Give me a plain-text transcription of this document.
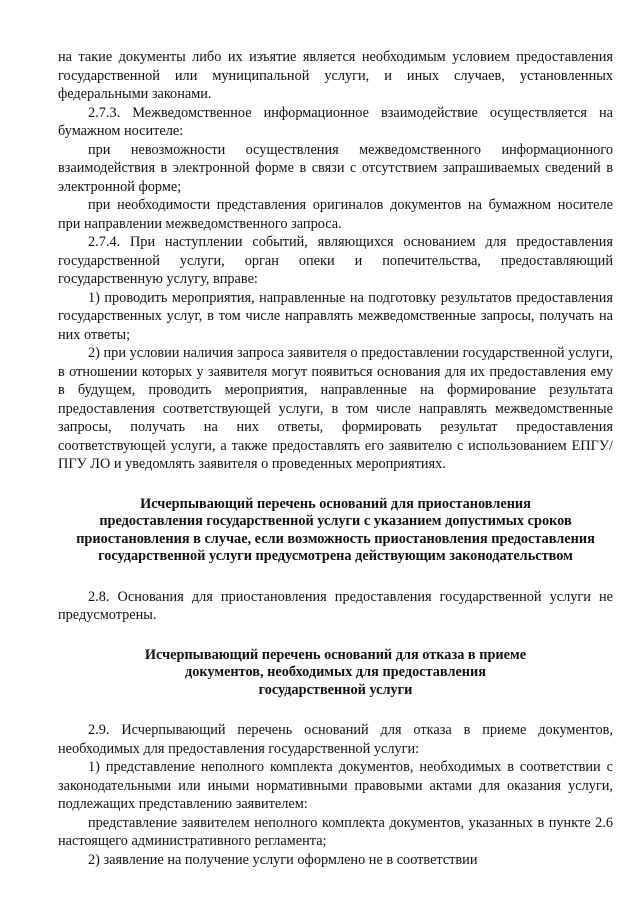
на такие документы либо их изъятие является необходимым условием предоставления государственной или муниципальной услуги, и иных случаев, установленных федеральными законами.

2.7.3. Межведомственное информационное взаимодействие осуществляется на бумажном носителе:

при невозможности осуществления межведомственного информационного взаимодействия в электронной форме в связи с отсутствием запрашиваемых сведений в электронной форме;

при необходимости представления оригиналов документов на бумажном носителе при направлении межведомственного запроса.

2.7.4. При наступлении событий, являющихся основанием для предоставления государственной услуги, орган опеки и попечительства, предоставляющий государственную услугу, вправе:

1) проводить мероприятия, направленные на подготовку результатов предоставления государственных услуг, в том числе направлять межведомственные запросы, получать на них ответы;

2) при условии наличия запроса заявителя о предоставлении государственной услуги, в отношении которых у заявителя могут появиться основания для их предоставления ему в будущем, проводить мероприятия, направленные на формирование результата предоставления соответствующей услуги, в том числе направлять межведомственные запросы, получать на них ответы, формировать результат предоставления соответствующей услуги, а также предоставлять его заявителю с использованием ЕПГУ/ПГУ ЛО и уведомлять заявителя о проведенных мероприятиях.

Исчерпывающий перечень оснований для приостановления
предоставления государственной услуги с указанием допустимых сроков
приостановления в случае, если возможность приостановления предоставления
государственной услуги предусмотрена действующим законодательством

2.8. Основания для приостановления предоставления государственной услуги не предусмотрены.

Исчерпывающий перечень оснований для отказа в приеме
документов, необходимых для предоставления
государственной услуги

2.9. Исчерпывающий перечень оснований для отказа в приеме документов, необходимых для предоставления государственной услуги:

1) представление неполного комплекта документов, необходимых в соответствии с законодательными или иными нормативными правовыми актами для оказания услуги, подлежащих представлению заявителем:

представление заявителем неполного комплекта документов, указанных в пункте 2.6 настоящего административного регламента;

2) заявление на получение услуги оформлено не в соответствии
